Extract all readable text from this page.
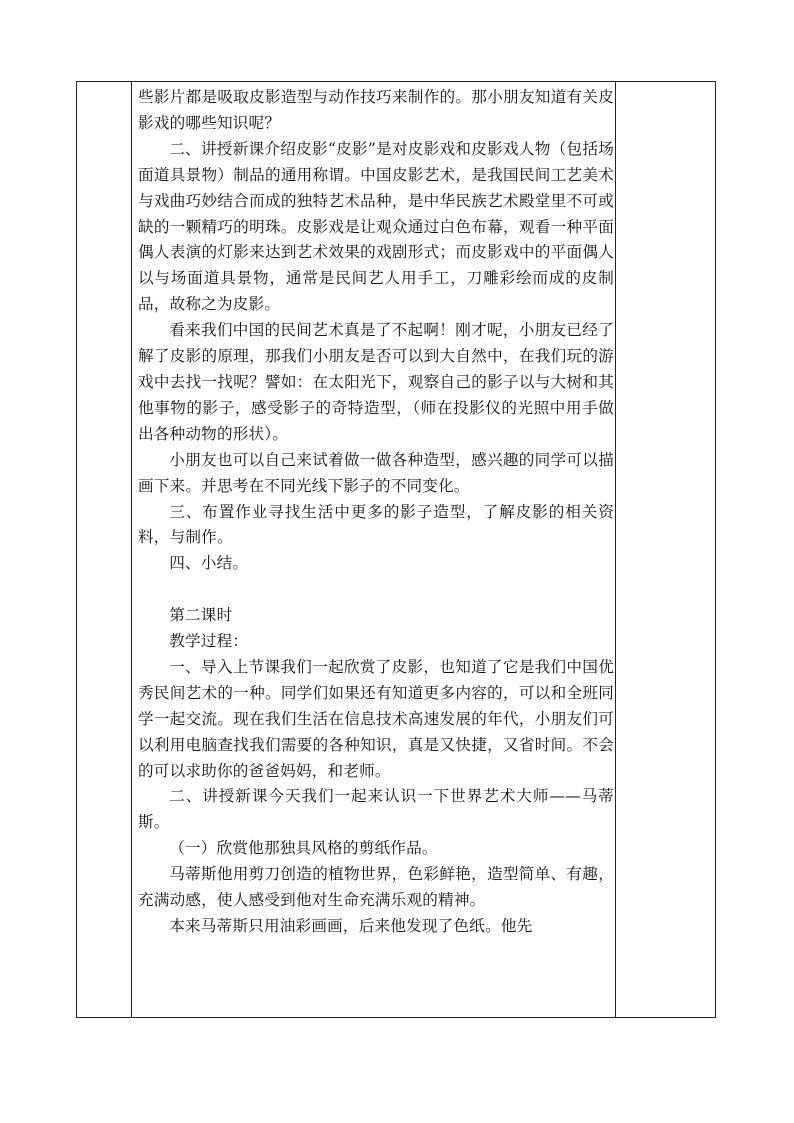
些影片都是吸取皮影造型与动作技巧来制作的。那小朋友知道有关皮影戏的哪些知识呢？

二、讲授新课介绍皮影“皮影”是对皮影戏和皮影戏人物（包括场面道具景物）制品的通用称谓。中国皮影艺术，是我国民间工艺美术与戏曲巧妙结合而成的独特艺术品种，是中华民族艺术殿堂里不可或缺的一颗精巧的明珠。皮影戏是让观众通过白色布幕，观看一种平面偶人表演的灯影来达到艺术效果的戏剧形式；而皮影戏中的平面偶人以与场面道具景物，通常是民间艺人用手工，刀雕彩绘而成的皮制品，故称之为皮影。

看来我们中国的民间艺术真是了不起啊！刚才呢，小朋友已经了解了皮影的原理，那我们小朋友是否可以到大自然中，在我们玩的游戏中去找一找呢？譬如：在太阳光下，观察自己的影子以与大树和其他事物的影子，感受影子的奇特造型，（师在投影仪的光照中用手做出各种动物的形状）。

小朋友也可以自己来试着做一做各种造型，感兴趣的同学可以描画下来。并思考在不同光线下影子的不同变化。

三、布置作业寻找生活中更多的影子造型，了解皮影的相关资料，与制作。

四、小结。

第二课时

教学过程：

一、导入上节课我们一起欣赏了皮影，也知道了它是我们中国优秀民间艺术的一种。同学们如果还有知道更多内容的，可以和全班同学一起交流。现在我们生活在信息技术高速发展的年代，小朋友们可以利用电脑查找我们需要的各种知识，真是又快捷，又省时间。不会的可以求助你的爸爸妈妈，和老师。

二、讲授新课今天我们一起来认识一下世界艺术大师——马蒂斯。

（一）欣赏他那独具风格的剪纸作品。

马蒂斯他用剪刀创造的植物世界，色彩鲜艳，造型简单、有趣，充满动感，使人感受到他对生命充满乐观的精神。

本来马蒂斯只用油彩画画，后来他发现了色纸。他先
